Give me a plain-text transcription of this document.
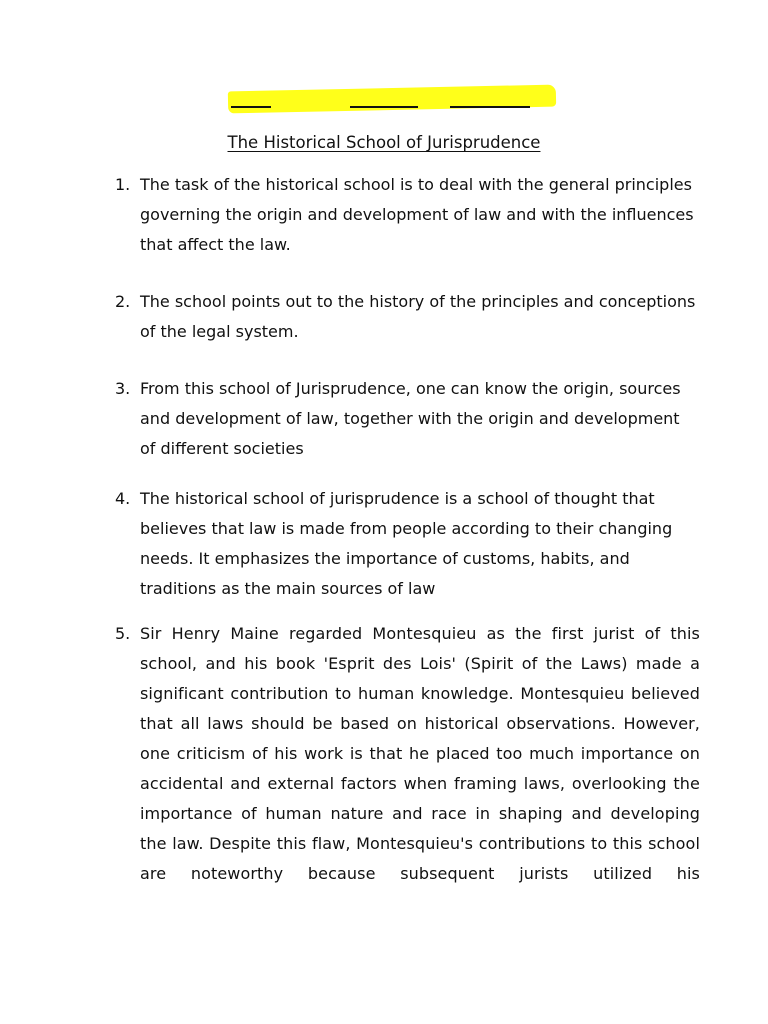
The Historical School of Jurisprudence
1. The task of the historical school is to deal with the general principles governing the origin and development of law and with the influences that affect the law.
2. The school points out to the history of the principles and conceptions of the legal system.
3. From this school of Jurisprudence, one can know the origin, sources and development of law, together with the origin and development of different societies
4. The historical school of jurisprudence is a school of thought that believes that law is made from people according to their changing needs. It emphasizes the importance of customs, habits, and traditions as the main sources of law
5. Sir Henry Maine regarded Montesquieu as the first jurist of this school, and his book 'Esprit des Lois' (Spirit of the Laws) made a significant contribution to human knowledge. Montesquieu believed that all laws should be based on historical observations. However, one criticism of his work is that he placed too much importance on accidental and external factors when framing laws, overlooking the importance of human nature and race in shaping and developing the law. Despite this flaw, Montesquieu's contributions to this school are noteworthy because subsequent jurists utilized his
